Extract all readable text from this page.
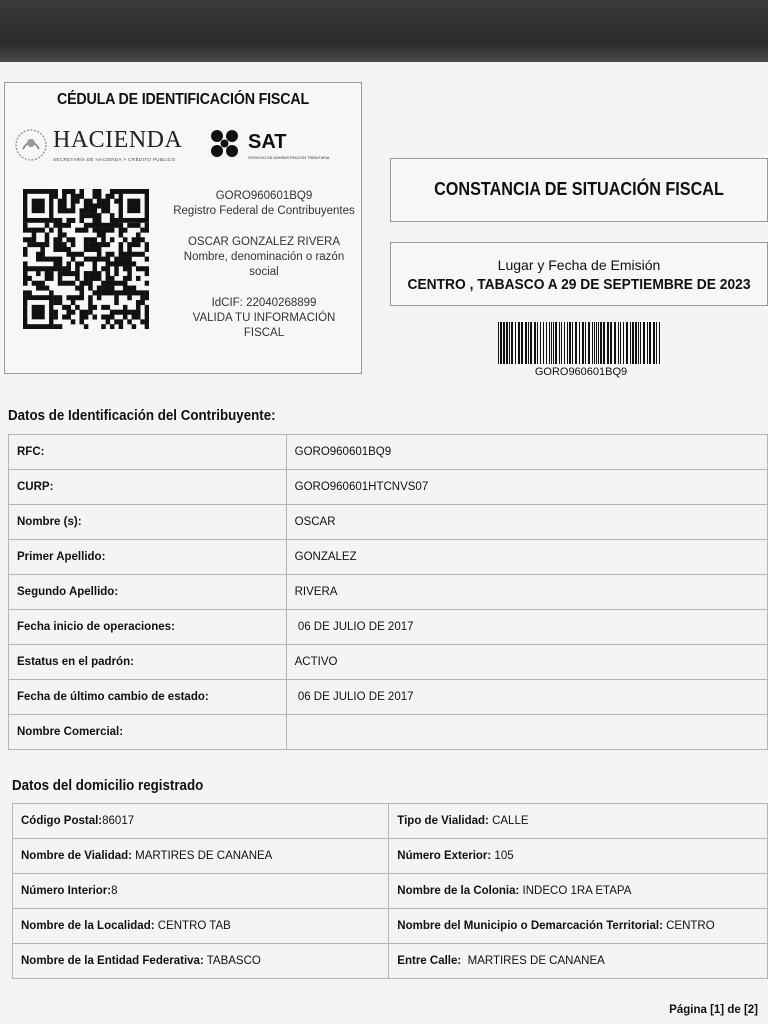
CÉDULA DE IDENTIFICACIÓN FISCAL
HACIENDA
SECRETARÍA DE HACIENDA Y CRÉDITO PÚBLICO
SAT
SERVICIO DE ADMINISTRACIÓN TRIBUTARIA

GORO960601BQ9

Registro Federal de Contribuyentes

OSCAR GONZALEZ RIVERA

Nombre, denominación o razón

social

IdCIF: 22040268899

VALIDA TU INFORMACIÓN

FISCAL

CONSTANCIA DE SITUACIÓN FISCAL
Lugar y Fecha de Emisión
CENTRO , TABASCO A 29 DE SEPTIEMBRE DE 2023
GORO960601BQ9
Datos de Identificación del Contribuyente:
RFC:	GORO960601BQ9
CURP:	GORO960601HTCNVS07
Nombre (s):	OSCAR
Primer Apellido:	GONZALEZ
Segundo Apellido:	RIVERA
Fecha inicio de operaciones:	06 DE JULIO DE 2017
Estatus en el padrón:	ACTIVO
Fecha de último cambio de estado:	06 DE JULIO DE 2017
Nombre Comercial:	
Datos del domicilio registrado
Código Postal:86017	Tipo de Vialidad: CALLE
Nombre de Vialidad: MARTIRES DE CANANEA	Número Exterior: 105
Número Interior:8	Nombre de la Colonia: INDECO 1RA ETAPA
Nombre de la Localidad: CENTRO TAB	Nombre del Municipio o Demarcación Territorial: CENTRO
Nombre de la Entidad Federativa: TABASCO	Entre Calle:  MARTIRES DE CANANEA
Página [1] de [2]
